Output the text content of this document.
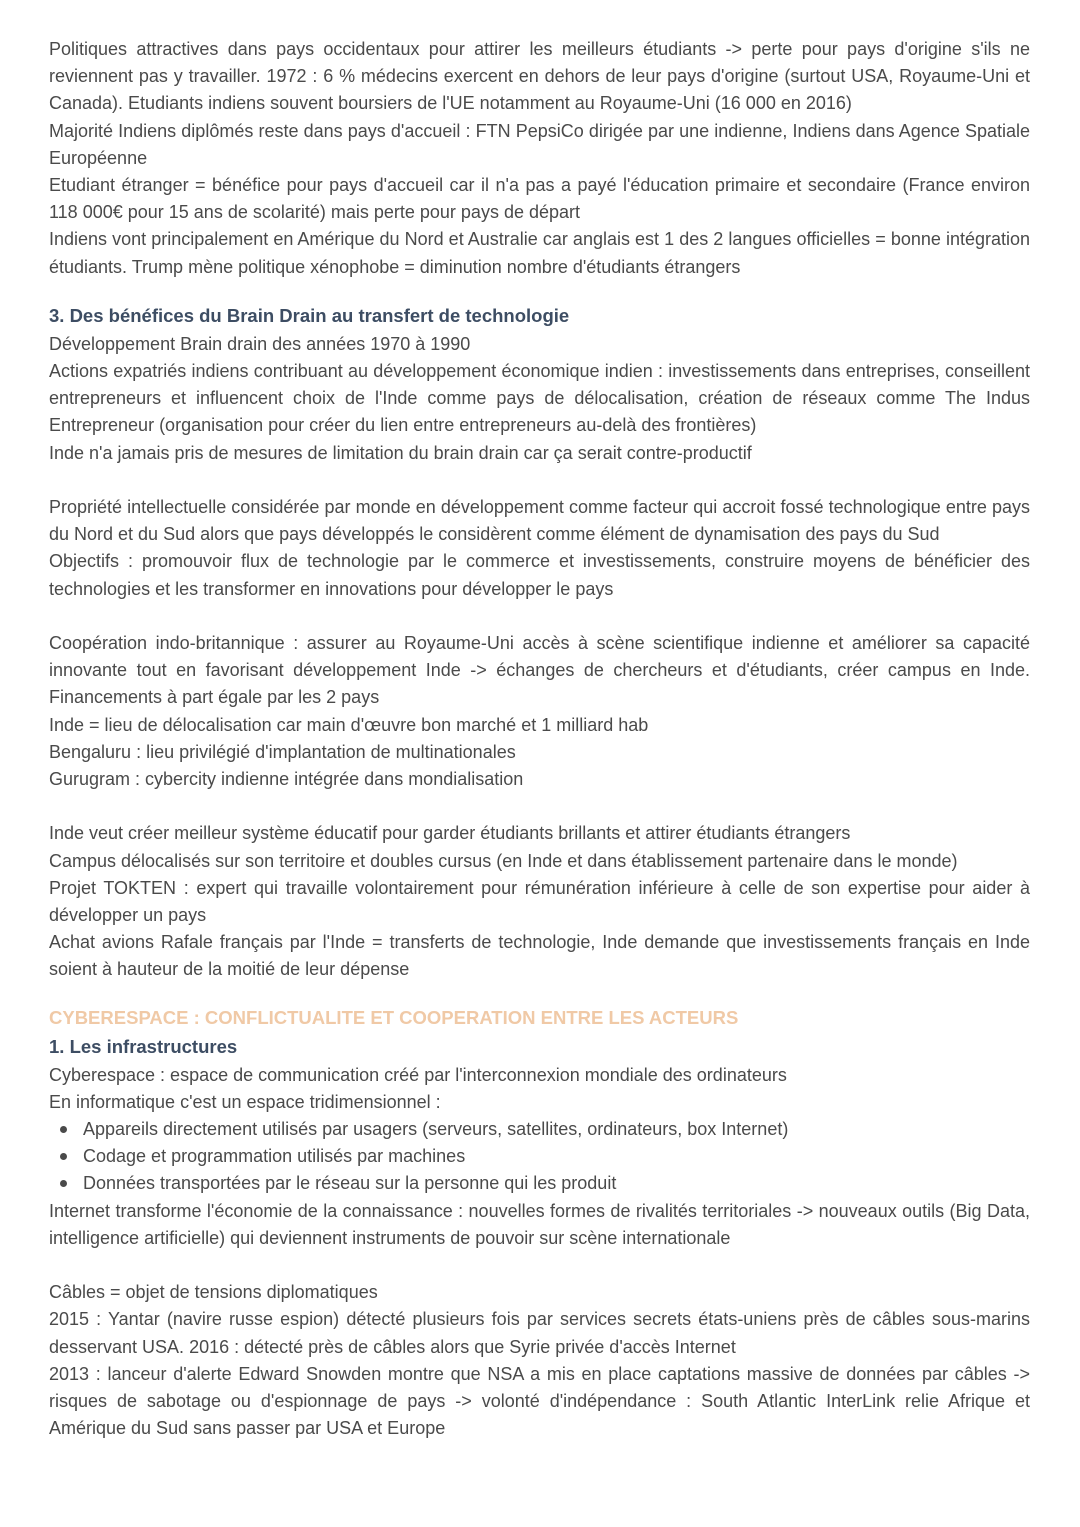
Politiques attractives dans pays occidentaux pour attirer les meilleurs étudiants -> perte pour pays d'origine s'ils ne reviennent pas y travailler. 1972 : 6 % médecins exercent en dehors de leur pays d'origine (surtout USA, Royaume-Uni et Canada). Etudiants indiens souvent boursiers de l'UE notamment au Royaume-Uni (16 000 en 2016)

Majorité Indiens diplômés reste dans pays d'accueil : FTN PepsiCo dirigée par une indienne, Indiens dans Agence Spatiale Européenne

Etudiant étranger = bénéfice pour pays d'accueil car il n'a pas a payé l'éducation primaire et secondaire (France environ 118 000€ pour 15 ans de scolarité) mais perte pour pays de départ

Indiens vont principalement en Amérique du Nord et Australie car anglais est 1 des 2 langues officielles = bonne intégration étudiants. Trump mène politique xénophobe = diminution nombre d'étudiants étrangers

3. Des bénéfices du Brain Drain au transfert de technologie

Développement Brain drain des années 1970 à 1990

Actions expatriés indiens contribuant au développement économique indien : investissements dans entreprises, conseillent entrepreneurs et influencent choix de l'Inde comme pays de délocalisation, création de réseaux comme The Indus Entrepreneur (organisation pour créer du lien entre entrepreneurs au-delà des frontières)

Inde n'a jamais pris de mesures de limitation du brain drain car ça serait contre-productif

Propriété intellectuelle considérée par monde en développement comme facteur qui accroit fossé technologique entre pays du Nord et du Sud alors que pays développés le considèrent comme élément de dynamisation des pays du Sud

Objectifs : promouvoir flux de technologie par le commerce et investissements, construire moyens de bénéficier des technologies et les transformer en innovations pour développer le pays

Coopération indo-britannique : assurer au Royaume-Uni accès à scène scientifique indienne et améliorer sa capacité innovante tout en favorisant développement Inde -> échanges de chercheurs et d'étudiants, créer campus en Inde. Financements à part égale par les 2 pays

Inde = lieu de délocalisation car main d'œuvre bon marché et 1 milliard hab

Bengaluru : lieu privilégié d'implantation de multinationales

Gurugram : cybercity indienne intégrée dans mondialisation

Inde veut créer meilleur système éducatif pour garder étudiants brillants et attirer étudiants étrangers

Campus délocalisés sur son territoire et doubles cursus (en Inde et dans établissement partenaire dans le monde)

Projet TOKTEN : expert qui travaille volontairement pour rémunération inférieure à celle de son expertise pour aider à développer un pays

Achat avions Rafale français par l'Inde = transferts de technologie, Inde demande que investissements français en Inde soient à hauteur de la moitié de leur dépense

CYBERESPACE : CONFLICTUALITE ET COOPERATION ENTRE LES ACTEURS
1. Les infrastructures

Cyberespace : espace de communication créé par l'interconnexion mondiale des ordinateurs

En informatique c'est un espace tridimensionnel :

Appareils directement utilisés par usagers (serveurs, satellites, ordinateurs, box Internet)
Codage et programmation utilisés par machines
Données transportées par le réseau sur la personne qui les produit

Internet transforme l'économie de la connaissance : nouvelles formes de rivalités territoriales -> nouveaux outils (Big Data, intelligence artificielle) qui deviennent instruments de pouvoir sur scène internationale

Câbles = objet de tensions diplomatiques

2015 : Yantar (navire russe espion) détecté plusieurs fois par services secrets états-uniens près de câbles sous-marins desservant USA. 2016 : détecté près de câbles alors que Syrie privée d'accès Internet

2013 : lanceur d'alerte Edward Snowden montre que NSA a mis en place captations massive de données par câbles -> risques de sabotage ou d'espionnage de pays -> volonté d'indépendance : South Atlantic InterLink relie Afrique et Amérique du Sud sans passer par USA et Europe
